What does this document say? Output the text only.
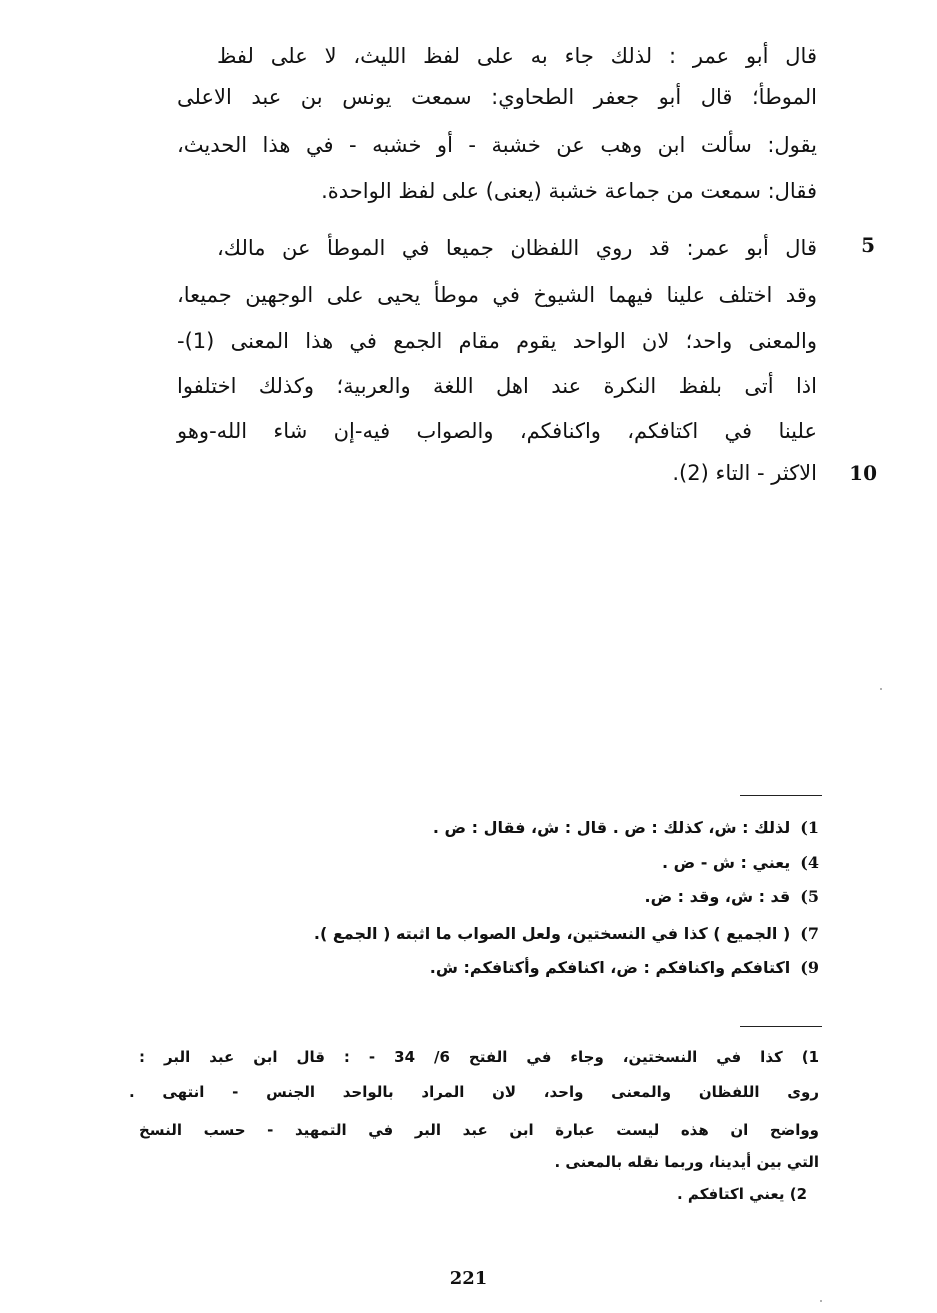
قال أبو عمر : لذلك جاء به على لفظ الليث، لا على لفظ
الموطأ؛ قال أبو جعفر الطحاوي: سمعت يونس بن عبد الاعلى
يقول: سألت ابن وهب عن خشبة - أو خشبه - في هذا الحديث،
فقال: سمعت من جماعة خشبة (يعنى) على لفظ الواحدة.
قال أبو عمر: قد روي اللفظان جميعا في الموطأ عن مالك، 5
وقد اختلف علينا فيهما الشيوخ في موطأ يحيى على الوجهين جميعا،
والمعنى واحد؛ لان الواحد يقوم مقام الجمع في هذا المعنى (1)-
اذا أتى بلفظ النكرة عند اهل اللغة والعربية؛ وكذلك اختلفوا
علينا في اكتافكم، واكنافكم، والصواب فيه-إن شاء الله-وهو
الاكثر - التاء (2). 10
1)لذلك : ش، كذلك : ض . قال : ش، فقال : ض .
4)يعني : ش - ض .
5)قد : ش، وقد : ض.
7)( الجميع ) كذا في النسختين، ولعل الصواب ما اثبته ( الجمع ).
9)اكتافكم واكنافكم : ض، اكنافكم وأكتافكم: ش.
1) كذا في النسختين، وجاء في الفتح 6/ 34 - : قال ابن عبد البر :
روى اللفظان والمعنى واحد، لان المراد بالواحد الجنس - انتهى .
وواضح ان هذه ليست عبارة ابن عبد البر في التمهيد - حسب النسخ
التي بين أيدينا، وربما نقله بالمعنى .
2) يعني اكتافكم .
221
